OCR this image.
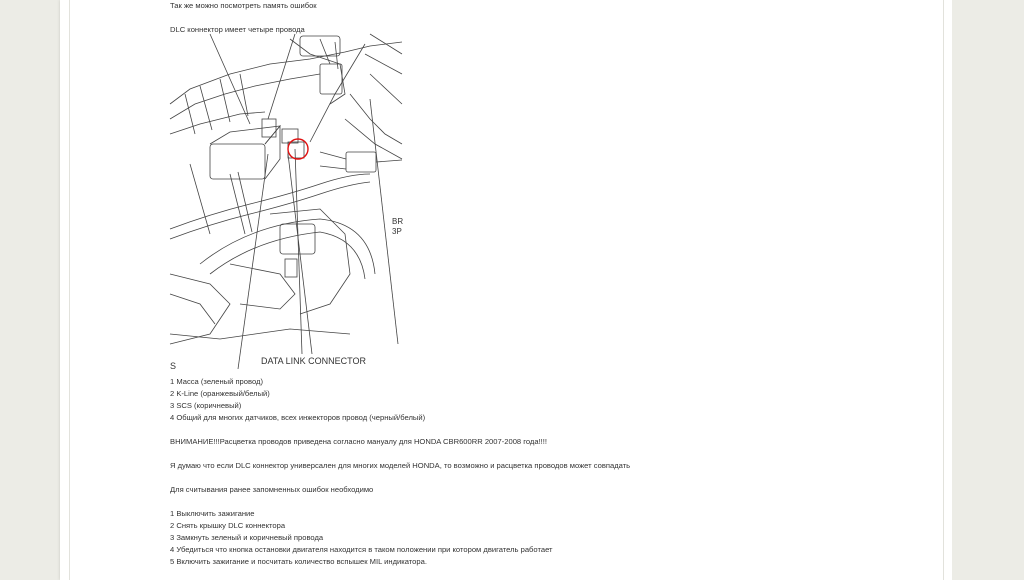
Так же можно посмотреть память ошибок
DLC коннектор имеет четыре провода
1 Масса (зеленый провод)
2 K-Line (оранжевый/белый)
3 SCS (коричневый)
4 Общий для многих датчиков, всех инжекторов провод (черный/белый)
ВНИМАНИЕ!!!Расцветка проводов приведена согласно мануалу для HONDA CBR600RR 2007-2008 года!!!!
Я думаю что если DLC коннектор универсален для многих моделей HONDA, то возможно и расцветка проводов может совпадать
Для считывания ранее запомненных ошибок необходимо
1 Выключить зажигание
2 Снять крышку DLC коннектора
3 Замкнуть зеленый и коричневый провода
4 Убедиться что кнопка остановки двигателя находится в таком положении при котором двигатель работает
5 Включить зажигание и посчитать количество вспышек MIL индикатора.
S	DATA LINK CONNECTOR
BR
3P
